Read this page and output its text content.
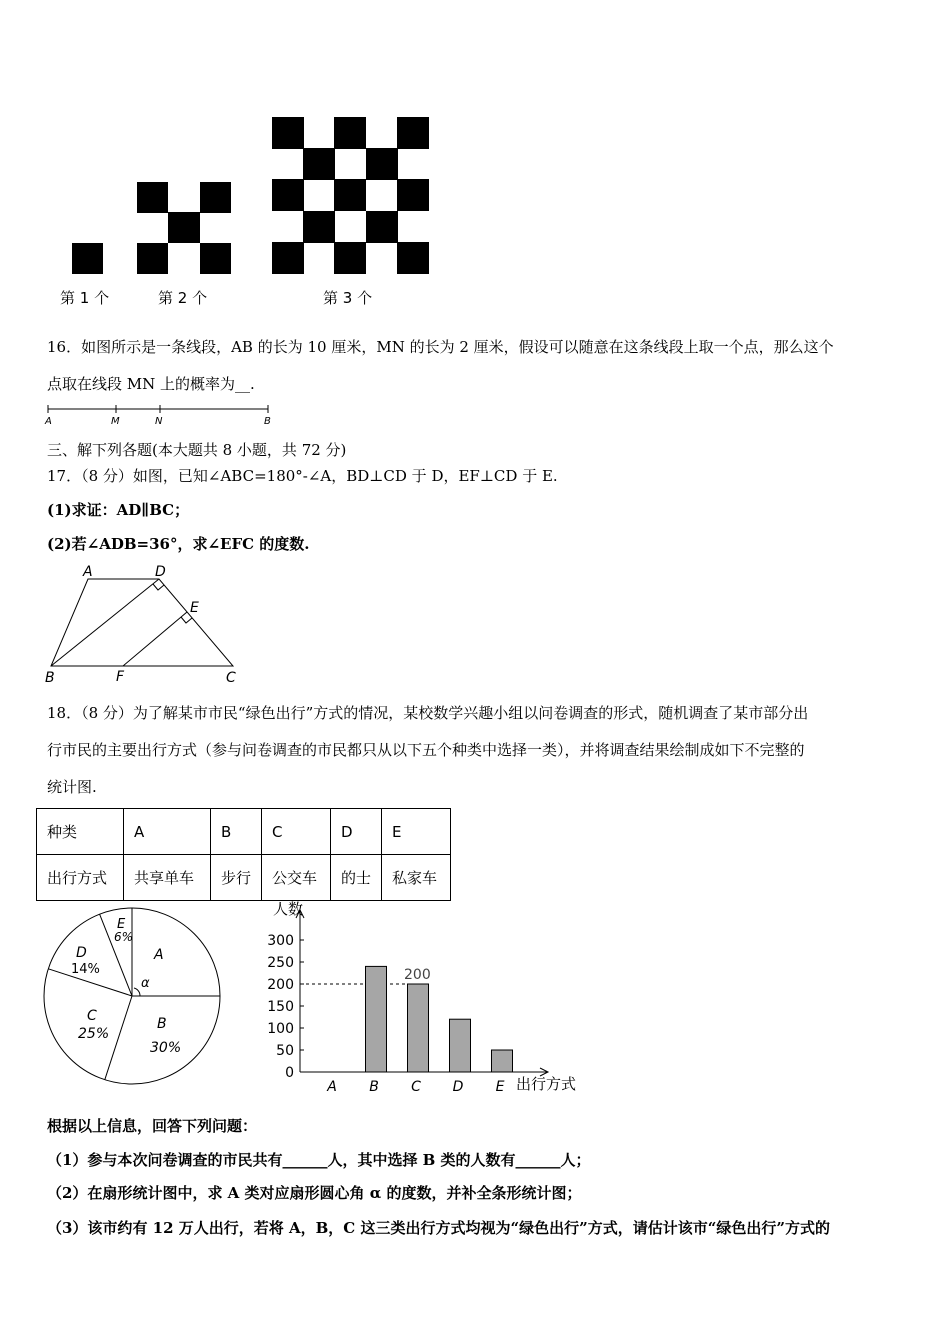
第 1 个	第 2 个	第 3 个
16．如图所示是一条线段，AB 的长为 10 厘米，MN 的长为 2 厘米，假设可以随意在这条线段上取一个点，那么这个
点取在线段 MN 上的概率为__.
A	M	N	B
三、解下列各题(本大题共 8 小题，共 72 分)
17．（8 分）如图，已知∠ABC=180°-∠A，BD⊥CD 于 D，EF⊥CD 于 E.
(1)求证：AD∥BC；
(2)若∠ADB=36°，求∠EFC 的度数.
A	D
E
B	F	C
18．（8 分）为了解某市市民“绿色出行”方式的情况，某校数学兴趣小组以问卷调查的形式，随机调查了某市部分出
行市民的主要出行方式（参与问卷调查的市民都只从以下五个种类中选择一类），并将调查结果绘制成如下不完整的
统计图.
种类	A	B	C	D	E
出行方式	共享单车	步行	公交车	的士	私家车
A
α
B
30%
C
25%
D
14%
E
6%
0
50
100
150
200
250
300
A B C D E
人数
出行方式
200
根据以上信息，回答下列问题：
（1）参与本次问卷调查的市民共有______人，其中选择 B 类的人数有______人；
（2）在扇形统计图中，求 A 类对应扇形圆心角 α 的度数，并补全条形统计图；
（3）该市约有 12 万人出行，若将 A，B，C 这三类出行方式均视为“绿色出行”方式，请估计该市“绿色出行”方式的
